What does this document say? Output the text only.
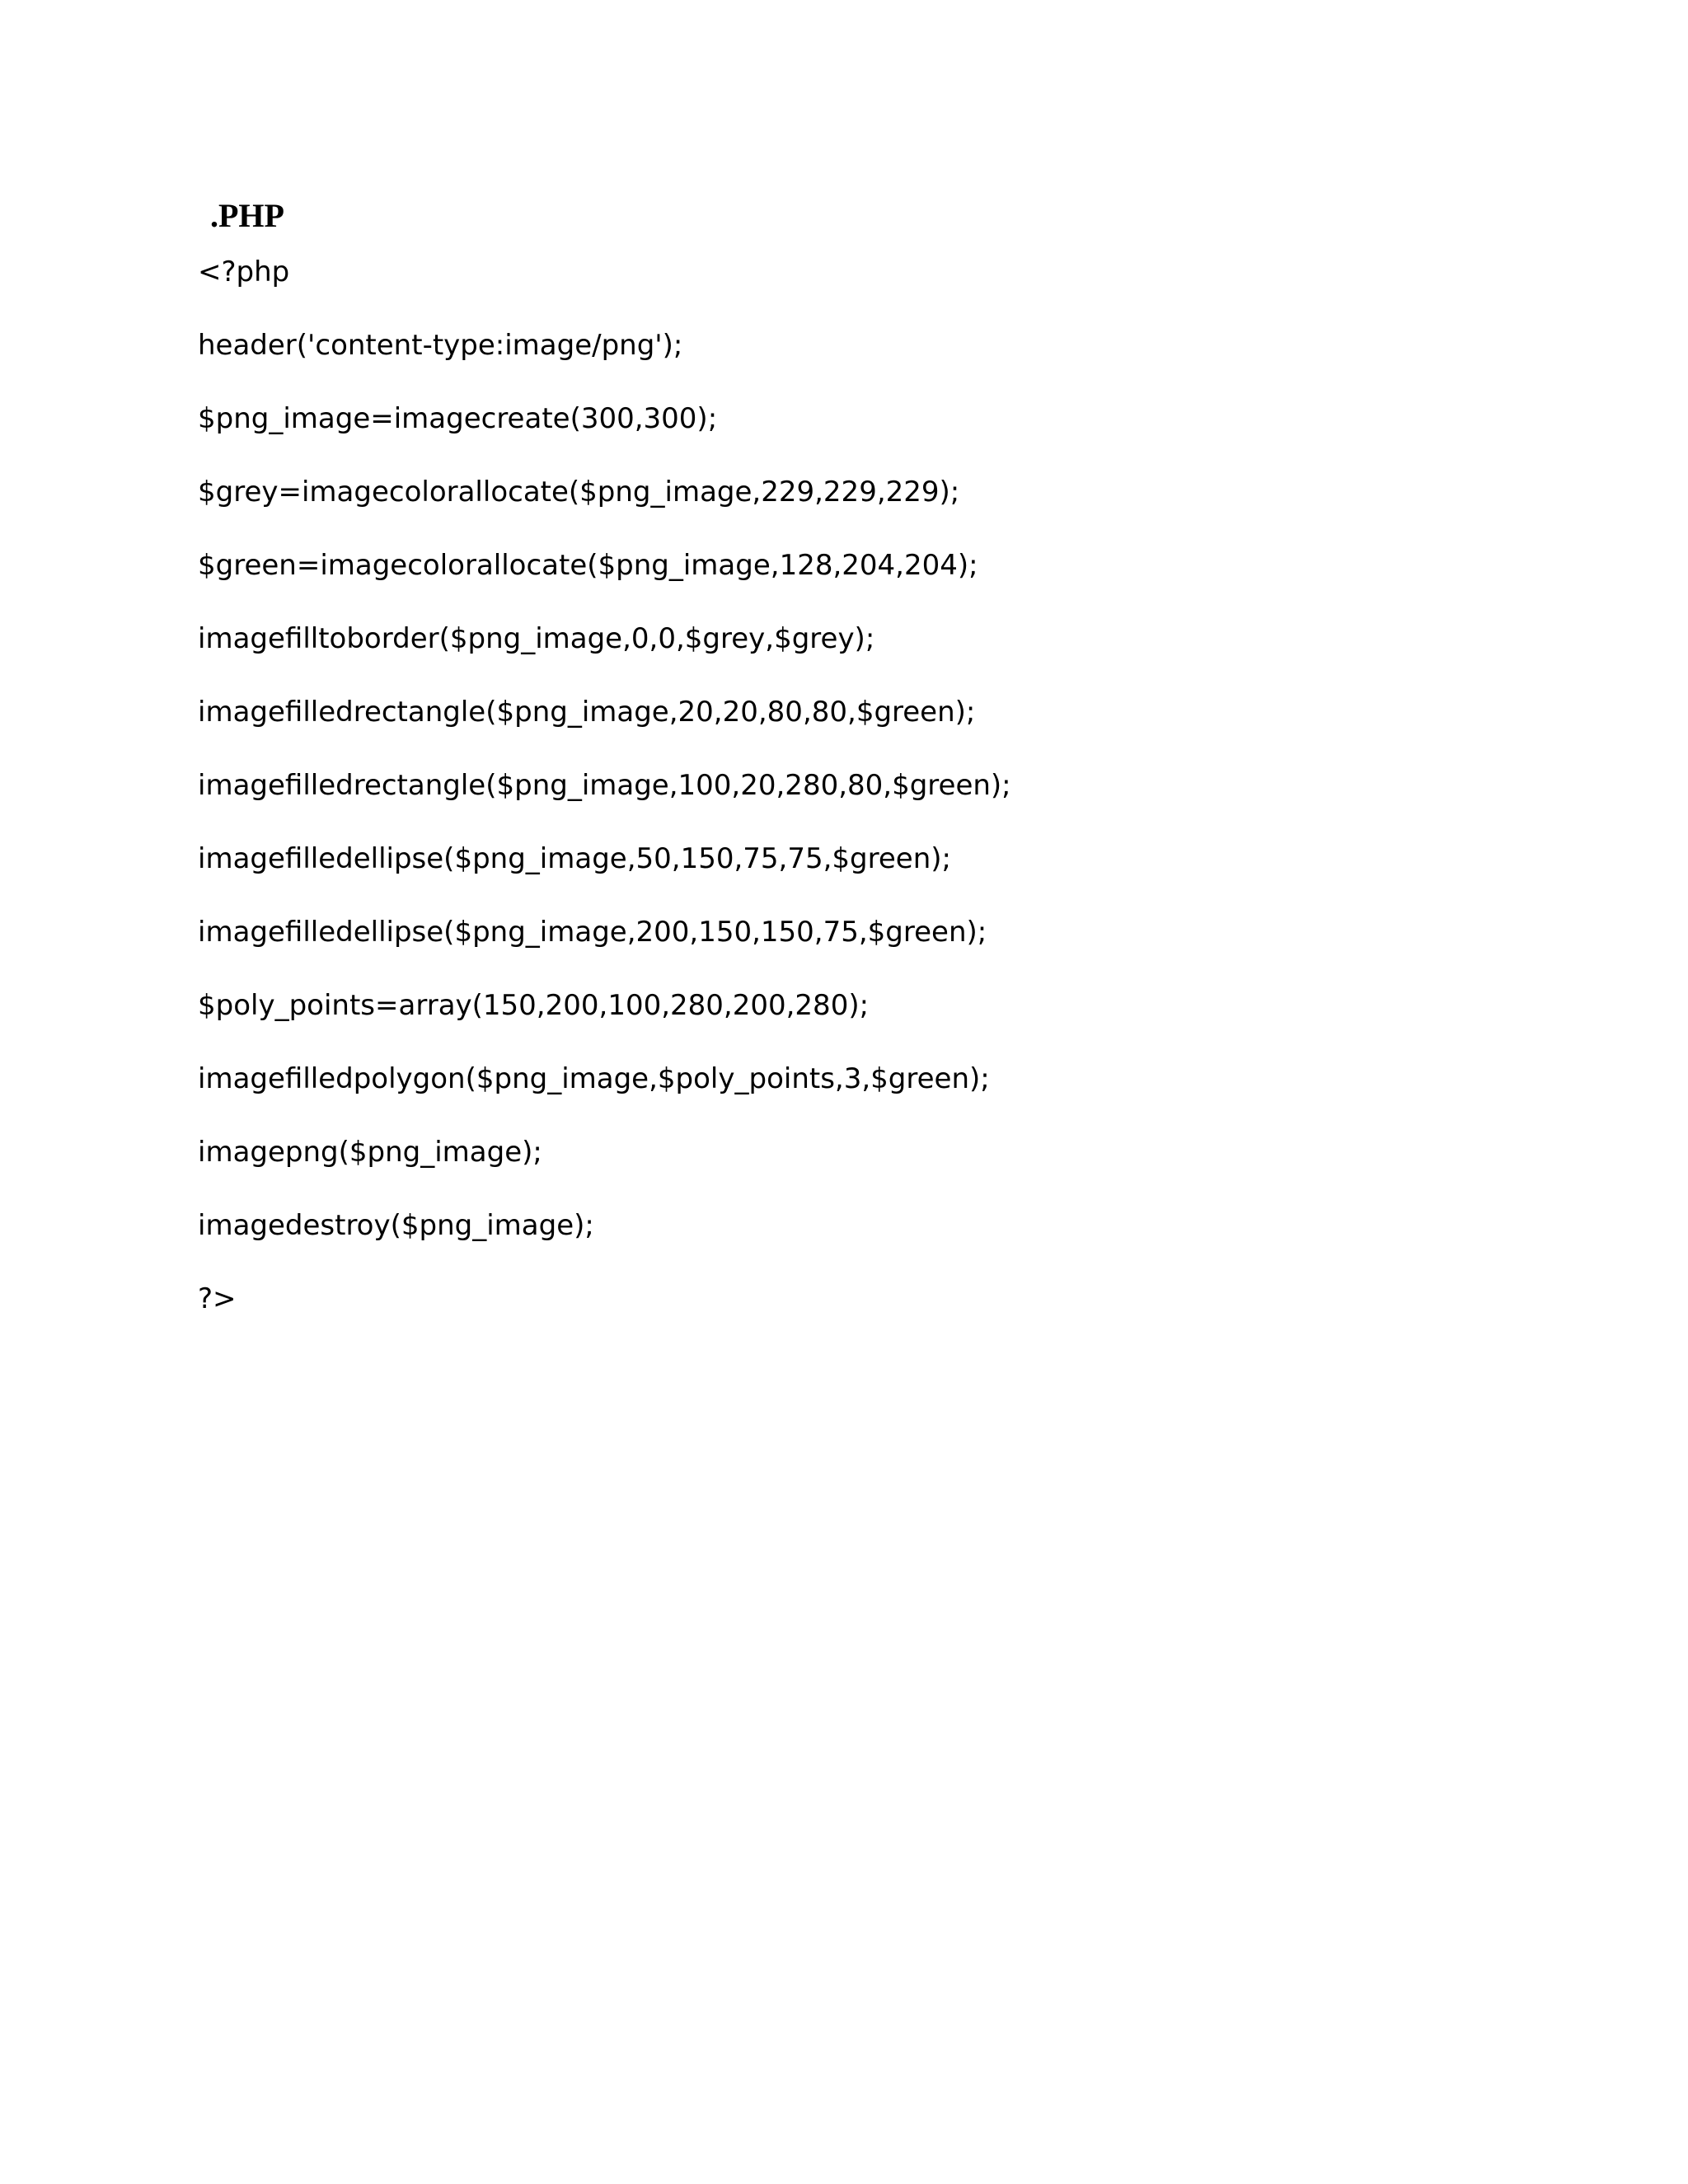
.PHP
<?php
header('content-type:image/png');
$png_image=imagecreate(300,300);
$grey=imagecolorallocate($png_image,229,229,229);
$green=imagecolorallocate($png_image,128,204,204);
imagefilltoborder($png_image,0,0,$grey,$grey);
imagefilledrectangle($png_image,20,20,80,80,$green);
imagefilledrectangle($png_image,100,20,280,80,$green);
imagefilledellipse($png_image,50,150,75,75,$green);
imagefilledellipse($png_image,200,150,150,75,$green);
$poly_points=array(150,200,100,280,200,280);
imagefilledpolygon($png_image,$poly_points,3,$green);
imagepng($png_image);
imagedestroy($png_image);
?>
